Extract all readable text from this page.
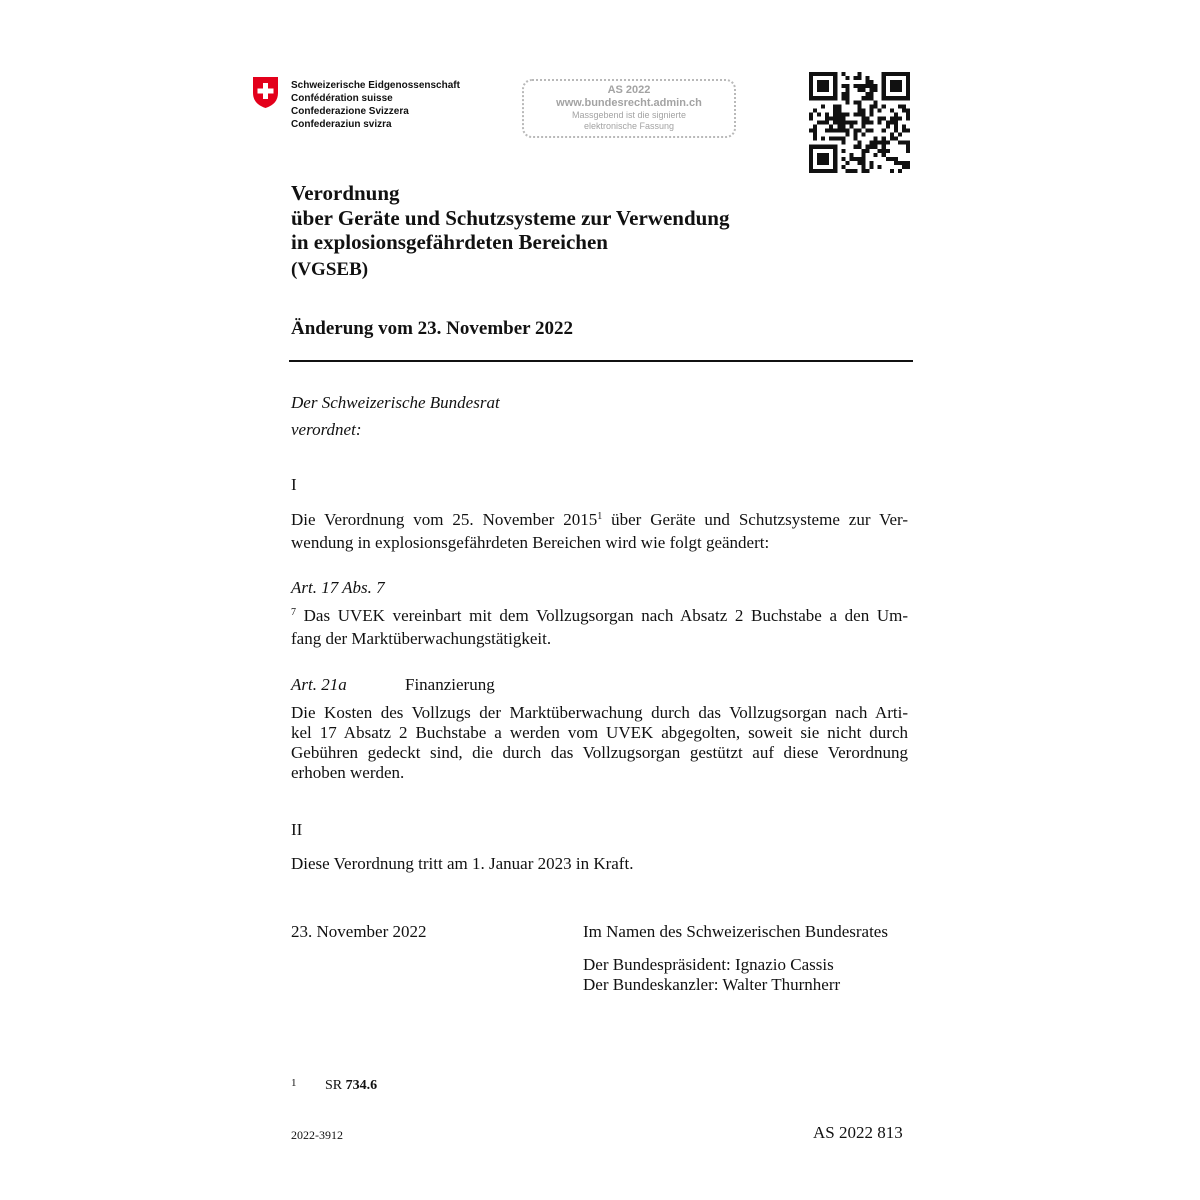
Schweizerische Eidgenossenschaft
Confédération suisse
Confederazione Svizzera
Confederaziun svizra
AS 2022
www.bundesrecht.admin.ch
Massgebend ist die signierte
elektronische Fassung
Verordnung
über Geräte und Schutzsysteme zur Verwendung
in explosionsgefährdeten Bereichen
(VGSEB)
Änderung vom 23. November 2022
Der Schweizerische Bundesrat
verordnet:
I
Die Verordnung vom 25. November 2015$^1$ über Geräte und Schutzsysteme zur Ver-
wendung in explosionsgefährdeten Bereichen wird wie folgt geändert:
Art. 17 Abs. 7
$^7$ Das UVEK vereinbart mit dem Vollzugsorgan nach Absatz 2 Buchstabe a den Um-
fang der Marktüberwachungstätigkeit.
Art. 21a	Finanzierung
Die Kosten des Vollzugs der Marktüberwachung durch das Vollzugsorgan nach Arti-
kel 17 Absatz 2 Buchstabe a werden vom UVEK abgegolten, soweit sie nicht durch
Gebühren gedeckt sind, die durch das Vollzugsorgan gestützt auf diese Verordnung
erhoben werden.
II
Diese Verordnung tritt am 1. Januar 2023 in Kraft.
23. November 2022	Im Namen des Schweizerischen Bundesrates
Der Bundespräsident: Ignazio Cassis
Der Bundeskanzler: Walter Thurnherr
1 SR 734.6
2022-3912	AS 2022 813
